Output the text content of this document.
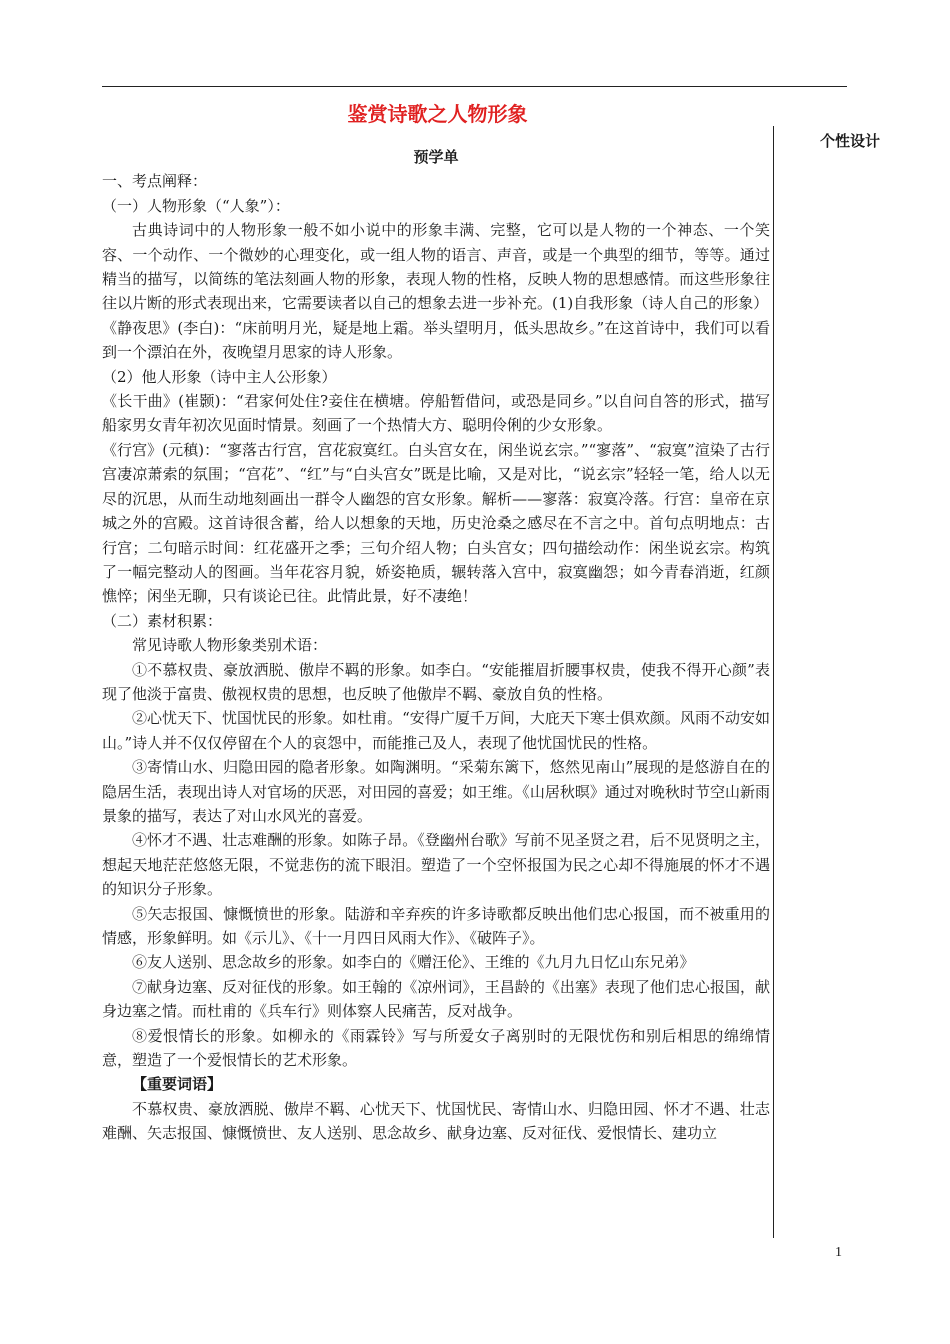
鉴赏诗歌之人物形象
个性设计

预学单

一、考点阐释：

（一）人物形象（“人象”）：

古典诗词中的人物形象一般不如小说中的形象丰满、完整，它可以是人物的一个神态、一个笑容、一个动作、一个微妙的心理变化，或一组人物的语言、声音，或是一个典型的细节，等等。通过精当的描写，以简练的笔法刻画人物的形象，表现人物的性格，反映人物的思想感情。而这些形象往往以片断的形式表现出来，它需要读者以自己的想象去进一步补充。(1)自我形象（诗人自己的形象）

《静夜思》(李白)：“床前明月光，疑是地上霜。举头望明月，低头思故乡。”在这首诗中，我们可以看到一个漂泊在外，夜晚望月思家的诗人形象。

（2）他人形象（诗中主人公形象）

《长干曲》(崔颢)：“君家何处住?妾住在横塘。停船暂借问，或恐是同乡。”以自问自答的形式，描写船家男女青年初次见面时情景。刻画了一个热情大方、聪明伶俐的少女形象。

《行宫》(元稹)：“寥落古行宫，宫花寂寞红。白头宫女在，闲坐说玄宗。”“寥落”、“寂寞”渲染了古行宫凄凉萧索的氛围；“宫花”、“红”与“白头宫女”既是比喻，又是对比，“说玄宗”轻轻一笔，给人以无尽的沉思，从而生动地刻画出一群令人幽怨的宫女形象。解析——寥落：寂寞冷落。行宫：皇帝在京城之外的宫殿。这首诗很含蓄，给人以想象的天地，历史沧桑之感尽在不言之中。首句点明地点：古行宫；二句暗示时间：红花盛开之季；三句介绍人物；白头宫女；四句描绘动作：闲坐说玄宗。构筑了一幅完整动人的图画。当年花容月貌，娇姿艳质，辗转落入宫中，寂寞幽怨；如今青春消逝，红颜憔悴；闲坐无聊，只有谈论已往。此情此景，好不凄绝！

（二）素材积累：

常见诗歌人物形象类别术语：

①不慕权贵、豪放洒脱、傲岸不羁的形象。如李白。“安能摧眉折腰事权贵，使我不得开心颜”表现了他淡于富贵、傲视权贵的思想，也反映了他傲岸不羁、豪放自负的性格。

②心忧天下、忧国忧民的形象。如杜甫。“安得广厦千万间，大庇天下寒士俱欢颜。风雨不动安如山。”诗人并不仅仅停留在个人的哀怨中，而能推己及人，表现了他忧国忧民的性格。

③寄情山水、归隐田园的隐者形象。如陶渊明。“采菊东篱下，悠然见南山”展现的是悠游自在的隐居生活，表现出诗人对官场的厌恶，对田园的喜爱；如王维。《山居秋暝》通过对晚秋时节空山新雨景象的描写，表达了对山水风光的喜爱。

④怀才不遇、壮志难酬的形象。如陈子昂。《登幽州台歌》写前不见圣贤之君，后不见贤明之主，想起天地茫茫悠悠无限，不觉悲伤的流下眼泪。塑造了一个空怀报国为民之心却不得施展的怀才不遇的知识分子形象。

⑤矢志报国、慷慨愤世的形象。陆游和辛弃疾的许多诗歌都反映出他们忠心报国，而不被重用的情感，形象鲜明。如《示儿》、《十一月四日风雨大作》、《破阵子》。

⑥友人送别、思念故乡的形象。如李白的《赠汪伦》、王维的《九月九日忆山东兄弟》

⑦献身边塞、反对征伐的形象。如王翰的《凉州词》，王昌龄的《出塞》表现了他们忠心报国，献身边塞之情。而杜甫的《兵车行》则体察人民痛苦，反对战争。

⑧爱恨情长的形象。如柳永的《雨霖铃》写与所爱女子离别时的无限忧伤和别后相思的绵绵情意，塑造了一个爱恨情长的艺术形象。

【重要词语】

不慕权贵、豪放洒脱、傲岸不羁、心忧天下、忧国忧民、寄情山水、归隐田园、怀才不遇、壮志难酬、矢志报国、慷慨愤世、友人送别、思念故乡、献身边塞、反对征伐、爱恨情长、建功立

1
